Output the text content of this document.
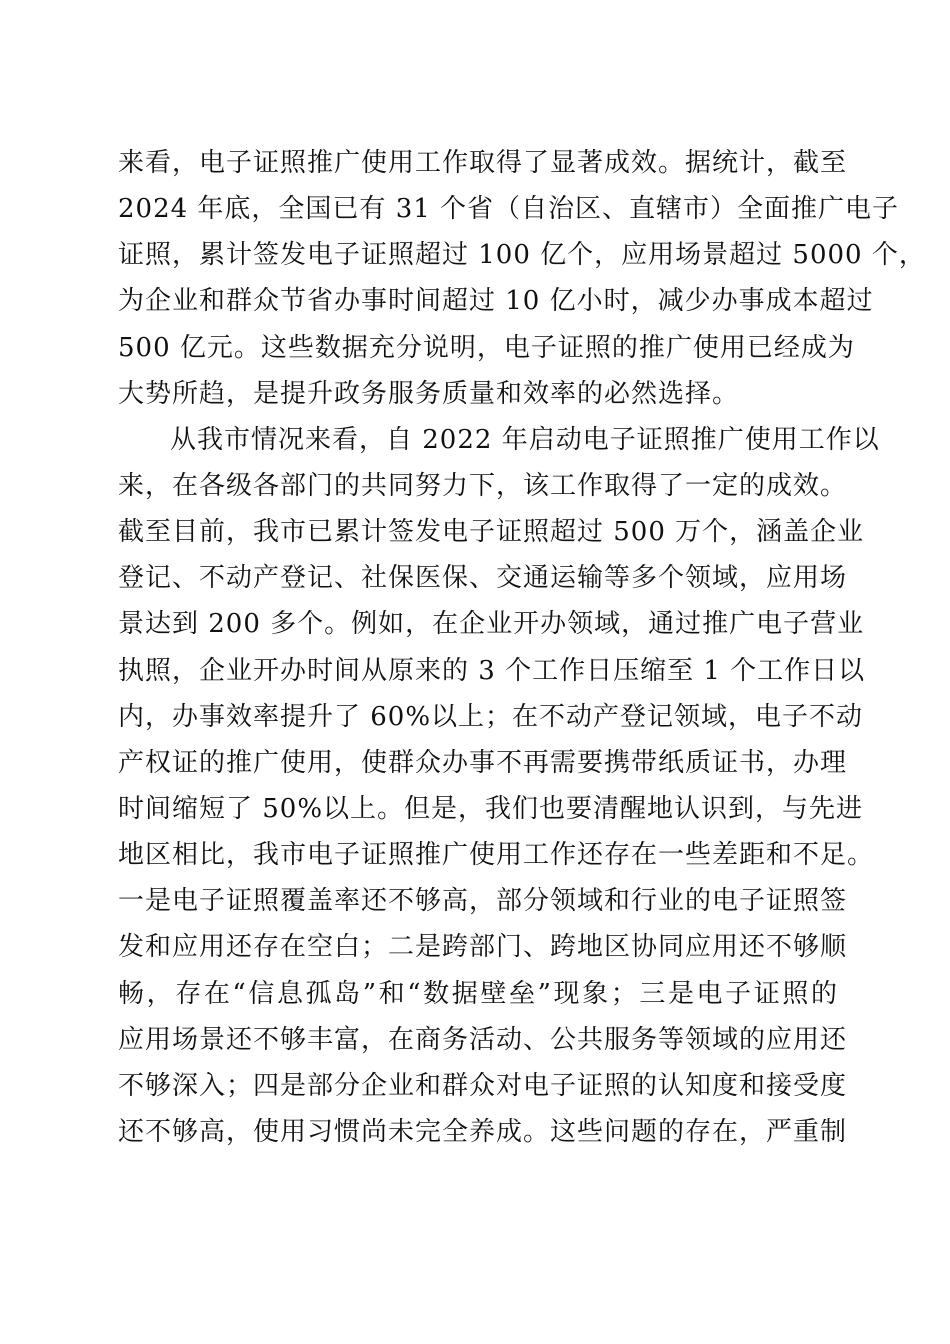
来看，电子证照推广使用工作取得了显著成效。据统计，截至
2024 年底，全国已有 31 个省（自治区、直辖市）全面推广电子
证照，累计签发电子证照超过 100 亿个，应用场景超过 5000 个，
为企业和群众节省办事时间超过 10 亿小时，减少办事成本超过
500 亿元。这些数据充分说明，电子证照的推广使用已经成为
大势所趋，是提升政务服务质量和效率的必然选择。
从我市情况来看，自 2022 年启动电子证照推广使用工作以
来，在各级各部门的共同努力下，该工作取得了一定的成效。
截至目前，我市已累计签发电子证照超过 500 万个，涵盖企业
登记、不动产登记、社保医保、交通运输等多个领域，应用场
景达到 200 多个。例如，在企业开办领域，通过推广电子营业
执照，企业开办时间从原来的 3 个工作日压缩至 1 个工作日以
内，办事效率提升了 60%以上；在不动产登记领域，电子不动
产权证的推广使用，使群众办事不再需要携带纸质证书，办理
时间缩短了 50%以上。但是，我们也要清醒地认识到，与先进
地区相比，我市电子证照推广使用工作还存在一些差距和不足。
一是电子证照覆盖率还不够高，部分领域和行业的电子证照签
发和应用还存在空白；二是跨部门、跨地区协同应用还不够顺
畅，存在“信息孤岛”和“数据壁垒”现象；三是电子证照的
应用场景还不够丰富，在商务活动、公共服务等领域的应用还
不够深入；四是部分企业和群众对电子证照的认知度和接受度
还不够高，使用习惯尚未完全养成。这些问题的存在，严重制
